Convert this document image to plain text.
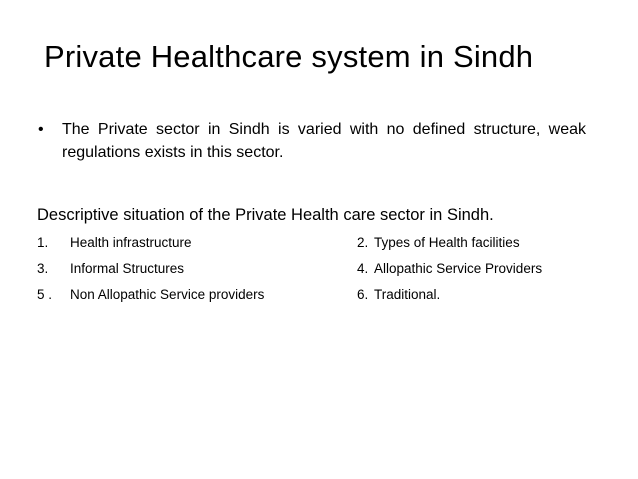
Private Healthcare system in Sindh
•	The Private sector in Sindh is varied with no defined structure, weak regulations exists in this sector.
Descriptive situation of the Private Health care sector in Sindh.
1. Health infrastructure	2. Types of Health facilities
3. Informal Structures	4. Allopathic Service Providers
5 . Non Allopathic Service providers	6. Traditional.
